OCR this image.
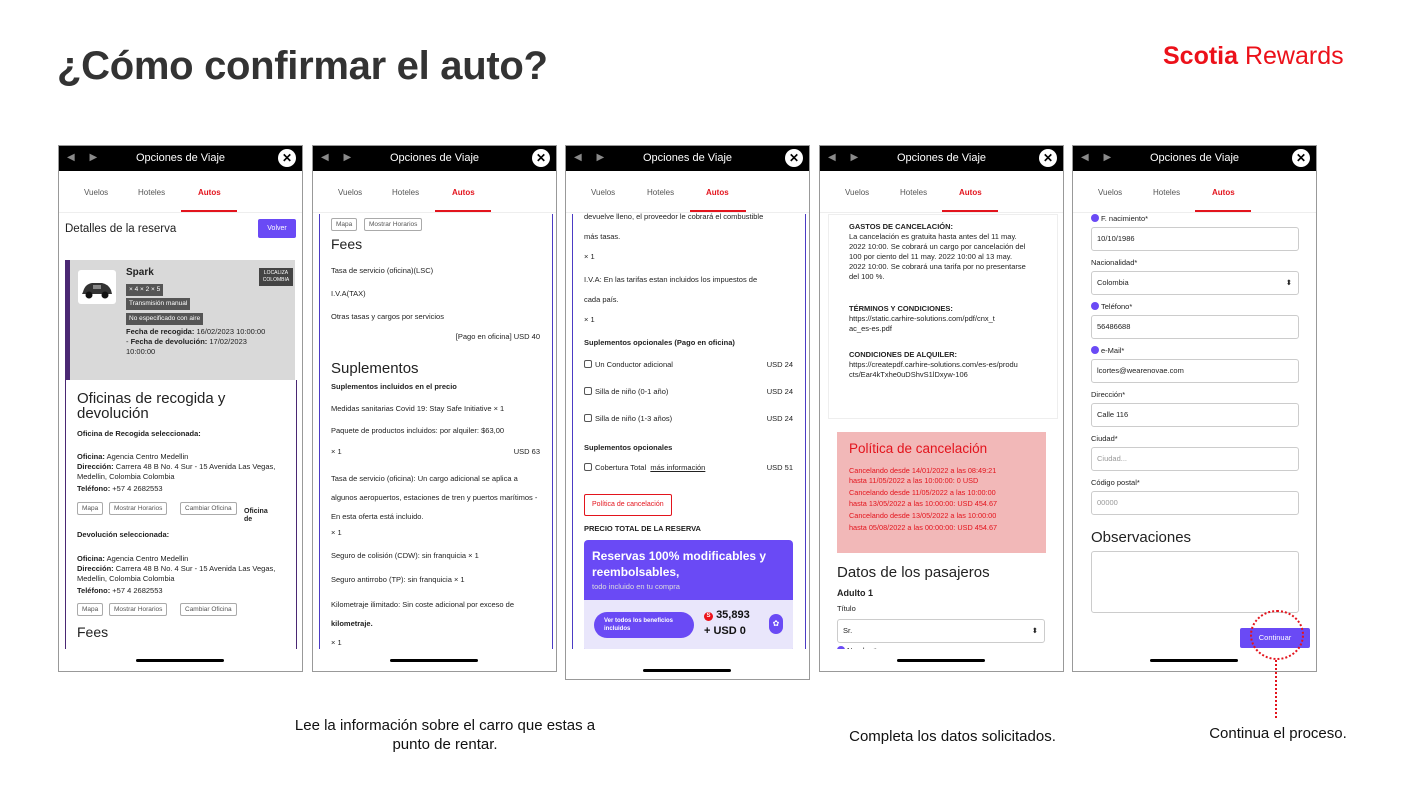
¿Cómo confirmar el auto?	Scotia Rewards
◀ ▶	Opciones de Viaje	✕
Vuelos	Hoteles	Autos
Detalles de la reserva	Volver
Spark	LOCALIZA COLOMBIA
× 4 × 2 × 5
Transmisión manual
No especificado con aire
Fecha de recogida: 16/02/2023 10:00:00 - Fecha de devolución: 17/02/2023 10:00:00
Oficinas de recogida y devolución
Oficina de Recogida seleccionada:
Oficina: Agencia Centro Medellin
Dirección: Carrera 48 B No. 4 Sur - 15 Avenida Las Vegas, Medellin, Colombia Colombia
Teléfono: +57 4 2682553
Mapa	Mostrar Horarios	Cambiar Oficina	Oficina de
Devolución seleccionada:
Oficina: Agencia Centro Medellin
Dirección: Carrera 48 B No. 4 Sur - 15 Avenida Las Vegas, Medellin, Colombia Colombia
Teléfono: +57 4 2682553
Mapa	Mostrar Horarios	Cambiar Oficina
Fees
◀ ▶	Opciones de Viaje	✕
Vuelos	Hoteles	Autos
Mapa	Mostrar Horarios
Fees
Tasa de servicio (oficina)(LSC)
I.V.A(TAX)
Otras tasas y cargos por servicios
[Pago en oficina] USD 40
Suplementos
Suplementos incluidos en el precio
Medidas sanitarias Covid 19: Stay Safe Initiative × 1
Paquete de productos incluidos: por alquiler: $63,00
× 1	USD 63
Tasa de servicio (oficina): Un cargo adicional se aplica a algunos aeropuertos, estaciones de tren y puertos marítimos -En esta oferta está incluido.
× 1
Seguro de colisión (CDW): sin franquicia × 1
Seguro antirrobo (TP): sin franquicia × 1
Kilometraje ilimitado: Sin coste adicional por exceso de
kilometraje.
× 1
◀ ▶	Opciones de Viaje	✕
Vuelos	Hoteles	Autos
devuelve lleno, el proveedor le cobrará el combustible
más tasas.
× 1
I.V.A: En las tarifas estan incluidos los impuestos de
cada país.
× 1
Suplementos opcionales (Pago en oficina)
Un Conductor adicional	USD 24
Silla de niño (0-1 año)	USD 24
Silla de niño (1-3 años)	USD 24
Suplementos opcionales
Cobertura Total más información	USD 51
Política de cancelación
PRECIO TOTAL DE LA RESERVA
Reservas 100% modificables y reembolsables,
todo incluido en tu compra
Ver todos los beneficios incluidos
S 35,893
+ USD 0
✿
◀ ▶	Opciones de Viaje	✕
Vuelos	Hoteles	Autos
GASTOS DE CANCELACIÓN:
La cancelación es gratuita hasta antes del 11 may. 2022 10:00. Se cobrará un cargo por cancelación del 100 por ciento del 11 may. 2022 10:00 al 13 may. 2022 10:00. Se cobrará una tarifa por no presentarse del 100 %.
TÉRMINOS Y CONDICIONES:
https://static.carhire-solutions.com/pdf/cnx_tac_es-es.pdf
CONDICIONES DE ALQUILER:
https://createpdf.carhire-solutions.com/es-es/products/Ear4kTxhe0uDShvS1lDxyw-106
Política de cancelación
Cancelando desde 14/01/2022 a las 08:49:21
hasta 11/05/2022 a las 10:00:00: 0 USD
Cancelando desde 11/05/2022 a las 10:00:00
hasta 13/05/2022 a las 10:00:00: USD 454.67
Cancelando desde 13/05/2022 a las 10:00:00
hasta 05/08/2022 a las 00:00:00: USD 454.67
Datos de los pasajeros
Adulto 1
Título
Sr.	⬍
◀ ▶	Opciones de Viaje	✕
Vuelos	Hoteles	Autos
F. nacimiento*
10/10/1986
Nacionalidad*
Colombia	⬍
Teléfono*
56486688
e-Mail*
lcortes@wearenovae.com
Dirección*
Calle 116
Ciudad*
Ciudad...
Código postal*
00000
Observaciones
Continuar
Lee la información sobre el carro que estas a punto de rentar.	Completa los datos solicitados.	Continua el proceso.
